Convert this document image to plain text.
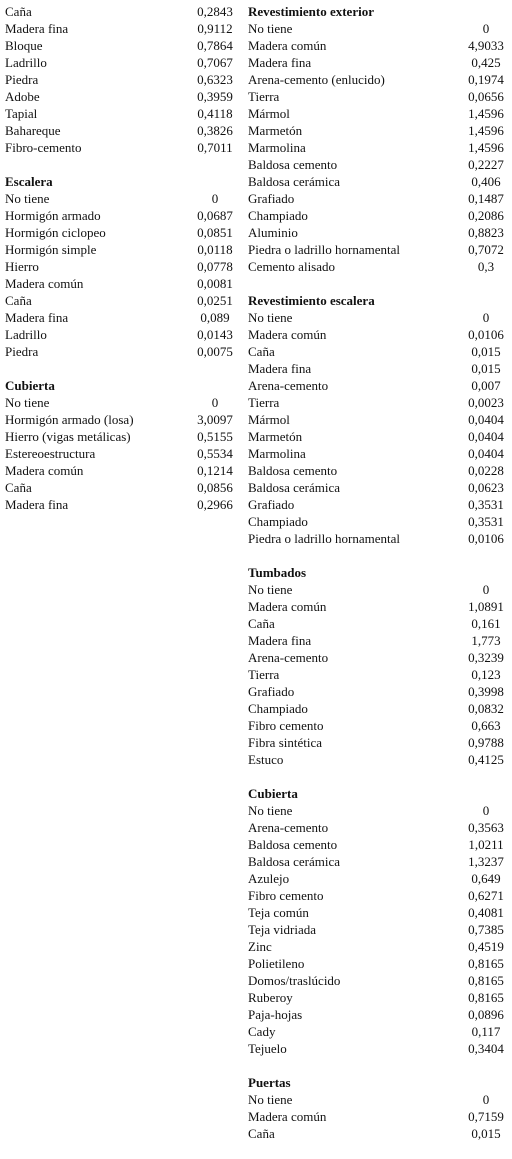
Caña	0,2843
Madera fina	0,9112
Bloque	0,7864
Ladrillo	0,7067
Piedra	0,6323
Adobe	0,3959
Tapial	0,4118
Bahareque	0,3826
Fibro-cemento	0,7011
Escalera
No tiene	0
Hormigón armado	0,0687
Hormigón ciclopeo	0,0851
Hormigón simple	0,0118
Hierro	0,0778
Madera común	0,0081
Caña	0,0251
Madera fina	0,089
Ladrillo	0,0143
Piedra	0,0075
Cubierta
No tiene	0
Hormigón armado (losa)	3,0097
Hierro (vigas metálicas)	0,5155
Estereoestructura	0,5534
Madera común	0,1214
Caña	0,0856
Madera fina	0,2966
Revestimiento exterior
No tiene	0
Madera común	4,9033
Madera fina	0,425
Arena-cemento (enlucido)	0,1974
Tierra	0,0656
Mármol	1,4596
Marmetón	1,4596
Marmolina	1,4596
Baldosa cemento	0,2227
Baldosa cerámica	0,406
Grafiado	0,1487
Champiado	0,2086
Aluminio	0,8823
Piedra o ladrillo hornamental	0,7072
Cemento alisado	0,3
Revestimiento escalera
No tiene	0
Madera común	0,0106
Caña	0,015
Madera fina	0,015
Arena-cemento	0,007
Tierra	0,0023
Mármol	0,0404
Marmetón	0,0404
Marmolina	0,0404
Baldosa cemento	0,0228
Baldosa cerámica	0,0623
Grafiado	0,3531
Champiado	0,3531
Piedra o ladrillo hornamental	0,0106
Tumbados
No tiene	0
Madera común	1,0891
Caña	0,161
Madera fina	1,773
Arena-cemento	0,3239
Tierra	0,123
Grafiado	0,3998
Champiado	0,0832
Fibro cemento	0,663
Fibra sintética	0,9788
Estuco	0,4125
Cubierta
No tiene	0
Arena-cemento	0,3563
Baldosa cemento	1,0211
Baldosa cerámica	1,3237
Azulejo	0,649
Fibro cemento	0,6271
Teja común	0,4081
Teja vidriada	0,7385
Zinc	0,4519
Polietileno	0,8165
Domos/traslúcido	0,8165
Ruberoy	0,8165
Paja-hojas	0,0896
Cady	0,117
Tejuelo	0,3404
Puertas
No tiene	0
Madera común	0,7159
Caña	0,015
